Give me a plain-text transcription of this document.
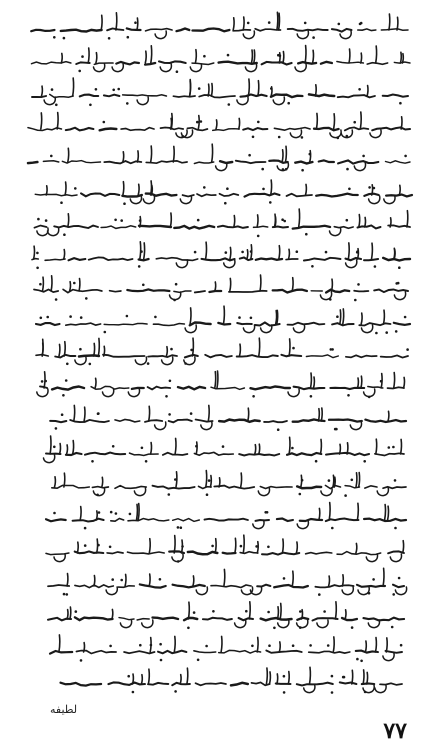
لطیفه
٧٧
